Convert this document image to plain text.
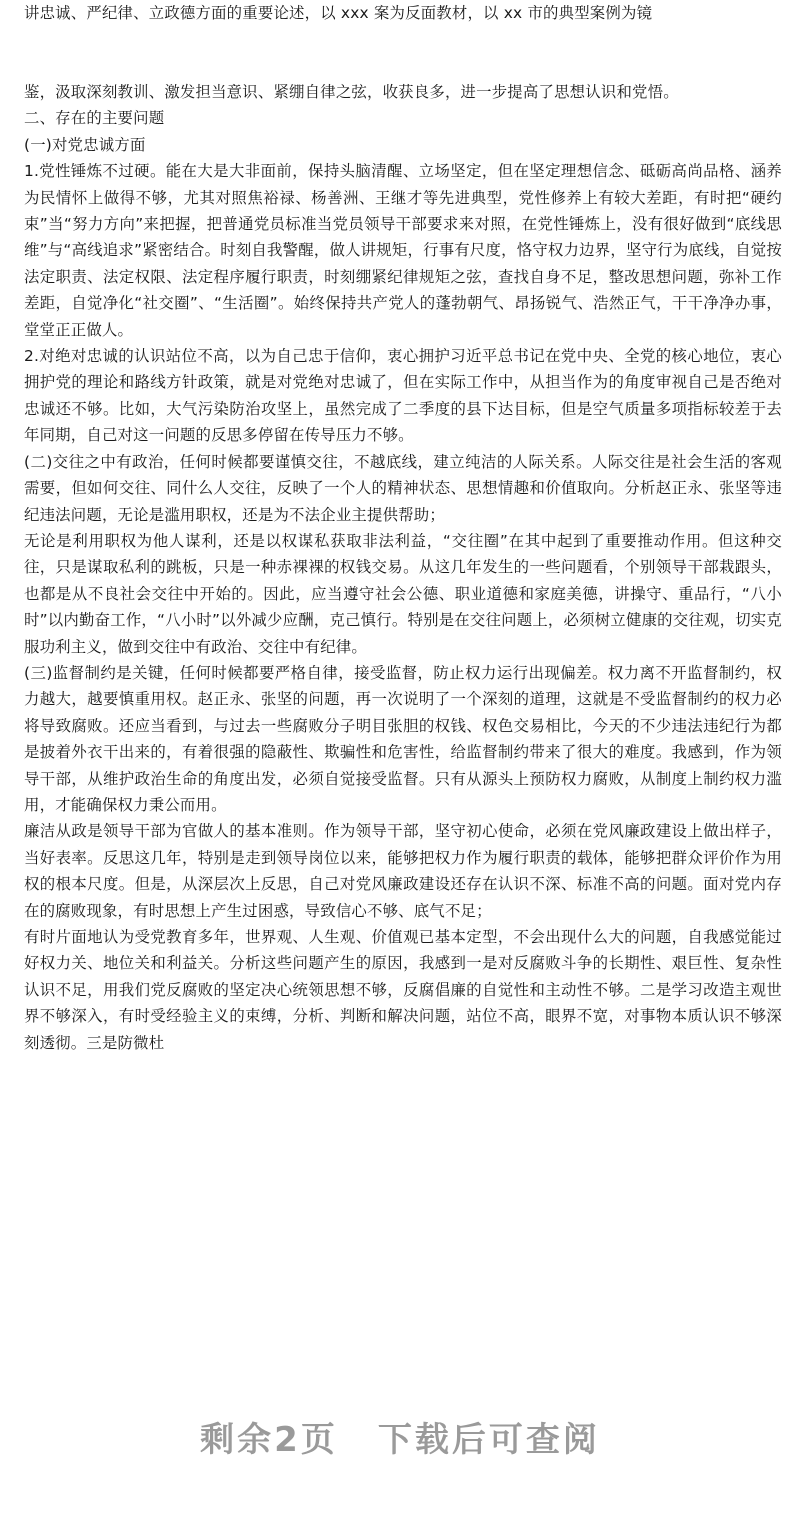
讲忠诚、严纪律、立政德方面的重要论述，以 xxx 案为反面教材，以 xx 市的典型案例为镜

鉴，汲取深刻教训、激发担当意识、紧绷自律之弦，收获良多，进一步提高了思想认识和党悟。

二、存在的主要问题

(一)对党忠诚方面

1.党性锤炼不过硬。能在大是大非面前，保持头脑清醒、立场坚定，但在坚定理想信念、砥砺高尚品格、涵养为民情怀上做得不够，尤其对照焦裕禄、杨善洲、王继才等先进典型，党性修养上有较大差距，有时把“硬约束”当“努力方向”来把握，把普通党员标准当党员领导干部要求来对照，在党性锤炼上，没有很好做到“底线思维”与“高线追求”紧密结合。时刻自我警醒，做人讲规矩，行事有尺度，恪守权力边界，坚守行为底线，自觉按法定职责、法定权限、法定程序履行职责，时刻绷紧纪律规矩之弦，查找自身不足，整改思想问题，弥补工作差距，自觉净化“社交圈”、“生活圈”。始终保持共产党人的蓬勃朝气、昂扬锐气、浩然正气，干干净净办事，堂堂正正做人。

2.对绝对忠诚的认识站位不高，以为自己忠于信仰，衷心拥护习近平总书记在党中央、全党的核心地位，衷心拥护党的理论和路线方针政策，就是对党绝对忠诚了，但在实际工作中，从担当作为的角度审视自己是否绝对忠诚还不够。比如，大气污染防治攻坚上，虽然完成了二季度的县下达目标，但是空气质量多项指标较差于去年同期，自己对这一问题的反思多停留在传导压力不够。

(二)交往之中有政治，任何时候都要谨慎交往，不越底线，建立纯洁的人际关系。人际交往是社会生活的客观需要，但如何交往、同什么人交往，反映了一个人的精神状态、思想情趣和价值取向。分析赵正永、张坚等违纪违法问题，无论是滥用职权，还是为不法企业主提供帮助；

无论是利用职权为他人谋利，还是以权谋私获取非法利益，“交往圈”在其中起到了重要推动作用。但这种交往，只是谋取私利的跳板，只是一种赤裸裸的权钱交易。从这几年发生的一些问题看，个别领导干部栽跟头，也都是从不良社会交往中开始的。因此，应当遵守社会公德、职业道德和家庭美德，讲操守、重品行，“八小时”以内勤奋工作，“八小时”以外减少应酬，克己慎行。特别是在交往问题上，必须树立健康的交往观，切实克服功利主义，做到交往中有政治、交往中有纪律。

(三)监督制约是关键，任何时候都要严格自律，接受监督，防止权力运行出现偏差。权力离不开监督制约，权力越大，越要慎重用权。赵正永、张坚的问题，再一次说明了一个深刻的道理，这就是不受监督制约的权力必将导致腐败。还应当看到，与过去一些腐败分子明目张胆的权钱、权色交易相比，今天的不少违法违纪行为都是披着外衣干出来的，有着很强的隐蔽性、欺骗性和危害性，给监督制约带来了很大的难度。我感到，作为领导干部，从维护政治生命的角度出发，必须自觉接受监督。只有从源头上预防权力腐败，从制度上制约权力滥用，才能确保权力秉公而用。

廉洁从政是领导干部为官做人的基本准则。作为领导干部，坚守初心使命，必须在党风廉政建设上做出样子，当好表率。反思这几年，特别是走到领导岗位以来，能够把权力作为履行职责的载体，能够把群众评价作为用权的根本尺度。但是，从深层次上反思，自己对党风廉政建设还存在认识不深、标准不高的问题。面对党内存在的腐败现象，有时思想上产生过困惑，导致信心不够、底气不足；

有时片面地认为受党教育多年，世界观、人生观、价值观已基本定型，不会出现什么大的问题，自我感觉能过好权力关、地位关和利益关。分析这些问题产生的原因，我感到一是对反腐败斗争的长期性、艰巨性、复杂性认识不足，用我们党反腐败的坚定决心统领思想不够，反腐倡廉的自觉性和主动性不够。二是学习改造主观世界不够深入，有时受经验主义的束缚，分析、判断和解决问题，站位不高，眼界不宽，对事物本质认识不够深刻透彻。三是防微杜

剩余2页 下载后可查阅
